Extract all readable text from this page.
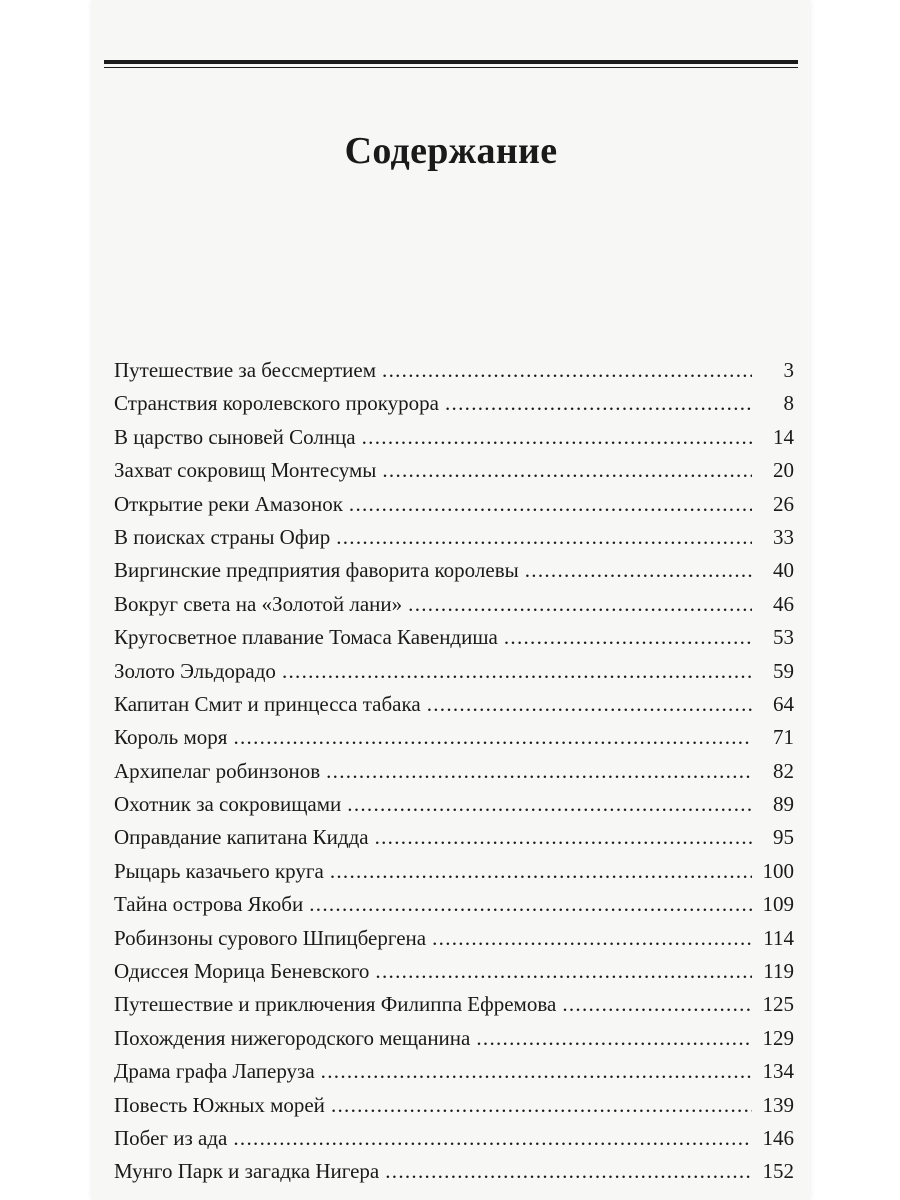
Содержание
Путешествие за бессмертием .....	3
Странствия королевского прокурора .....	8
В царство сыновей Солнца .....	14
Захват сокровищ Монтесумы .....	20
Открытие реки Амазонок .....	26
В поисках страны Офир .....	33
Виргинские предприятия фаворита королевы .....	40
Вокруг света на «Золотой лани» .....	46
Кругосветное плавание Томаса Кавендиша .....	53
Золото Эльдорадо .....	59
Капитан Смит и принцесса табака .....	64
Король моря .....	71
Архипелаг робинзонов .....	82
Охотник за сокровищами .....	89
Оправдание капитана Кидда .....	95
Рыцарь казачьего круга .....	100
Тайна острова Якоби .....	109
Робинзоны сурового Шпицбергена .....	114
Одиссея Морица Беневского .....	119
Путешествие и приключения Филиппа Ефремова .....	125
Похождения нижегородского мещанина .....	129
Драма графа Лаперуза .....	134
Повесть Южных морей .....	139
Побег из ада .....	146
Мунго Парк и загадка Нигера .....	152
